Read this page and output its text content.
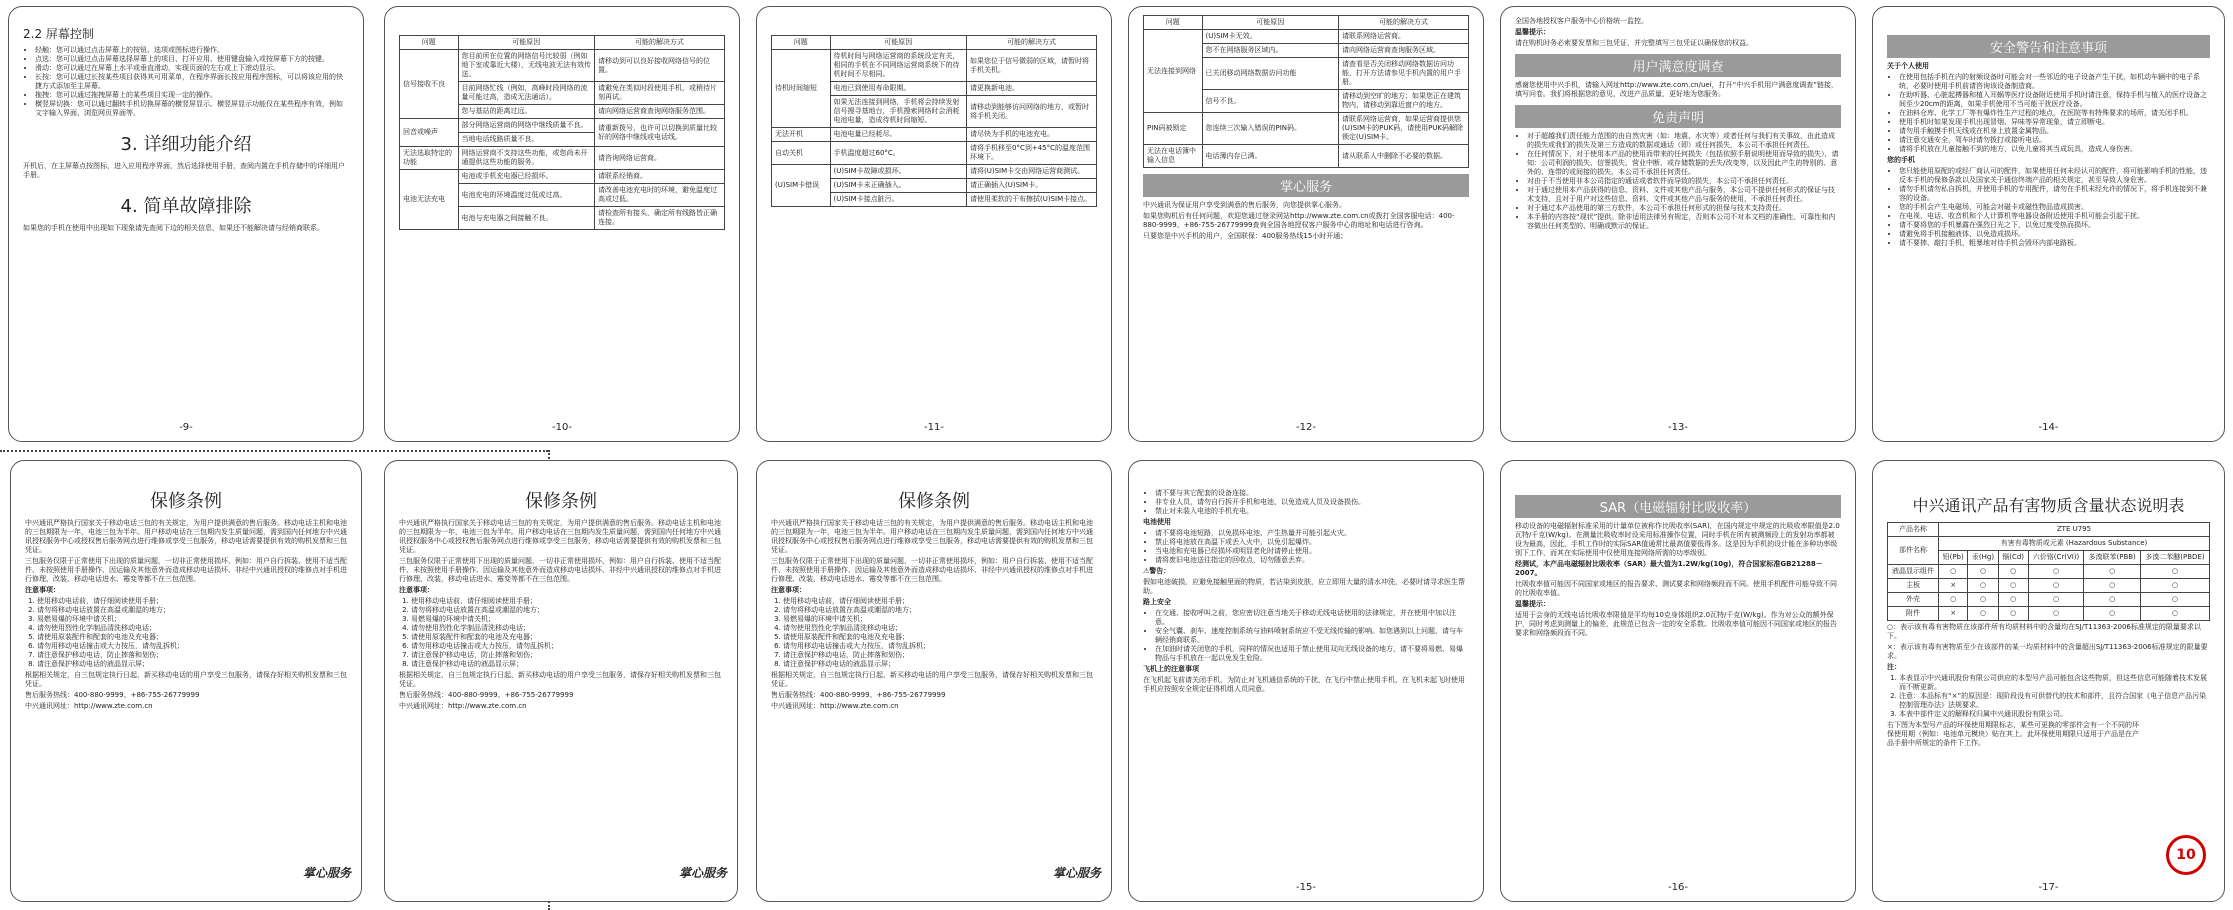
2.2 屏幕控制
• 轻触：您可以通过点击屏幕上的按钮、选项或图标进行操作。
• 点选：您可以通过点击屏幕选择屏幕上的项目、打开应用、使用键盘输入或按屏幕下方的按键。
• 滑动：您可以通过在屏幕上水平或垂直滑动，实现页面的左右或上下滚动显示。
• 长按：您可以通过长按某些项目获得其可用菜单，在程序界面长按应用程序图标，可以将该应用的快捷方式添加至主屏幕。
• 拖拽：您可以通过拖拽屏幕上的某些项目实现一定的操作。
• 横竖屏切换：您可以通过翻转手机切换屏幕的横竖屏显示。横竖屏显示功能仅在某些程序有效，例如文字输入界面、浏览网页界面等。
3. 详细功能介绍

开机后，在主屏幕点按图标，进入应用程序界面，然后选择使用手册，查阅内置在手机存储中的详细用户手册。

4. 简单故障排除

如果您的手机在使用中出现如下现象请先查阅下边的相关信息，如果还不能解决请与经销商联系。

-9-
问题	可能原因	可能的解决方式
信号接收不良	您目前所在位置的网络信号比较弱（例如地下室或靠近大楼），无线电波无法有效传送。	请移动到可以良好接收网络信号的位置。
	目前网络忙线（例如，高峰时段网络的流量可能过高，造成无法通话）。	请避免在类似时段使用手机，或稍待片刻再试。
	您与基站的距离过远。	请向网络运营商查询网络服务范围。
回音或噪声	部分网络运营商的网络中继线质量不良。	请重新拨号，也许可以切换到质量比较好的网络中继线或电话线。
	当地电话线路质量不良。	
无法选取特定的功能	网络运营商不支持这些功能，或您尚未开通提供这些功能的服务。	请咨询网络运营商。
电池无法充电	电池或手机充电器已经损坏。	请联系经销商。
	电池充电的环境温度过低或过高。	请改善电池充电时的环境，避免温度过高或过低。
	电池与充电器之间接触不良。	请检查所有接头，确定所有线路皆正确连接。
-10-
问题	可能原因	可能的解决方式
待机时间缩短	待机时间与网络运营商的系统设定有关，相同的手机在不同网络运营商系统下的待机时间不尽相同。	如果您位于信号微弱的区域，请暂时将手机关机。
	电池已到使用寿命限期。	请更换新电池。
	如果无法连接到网络，手机将会持续发射信号搜寻基地台，手机搜索网络时会消耗电池电量，造成待机时间缩短。	请移动到能够访问网络的地方，或暂时将手机关闭。
无法开机	电池电量已经耗尽。	请尽快为手机的电池充电。
自动关机	手机温度超过60°C。	请将手机移至0°C到+45°C的温度范围环境下。
(U)SIM卡错误	(U)SIM卡故障或损坏。	请将(U)SIM卡交由网络运营商测试。
	(U)SIM卡未正确插入。	请正确插入(U)SIM卡。
	(U)SIM卡接点脏污。	请使用柔软的干布擦拭(U)SIM卡接点。
-11-
问题	可能原因	可能的解决方式
无法连接到网络	(U)SIM卡无效。	请联系网络运营商。
	您不在网络服务区域内。	请向网络运营商查询服务区域。
	已关闭移动网络数据访问功能	请查看是否关闭移动网络数据访问功能，打开方法请参见手机内置的用户手册。
	信号不良。	请移动到空旷的地方；如果您正在建筑物内，请移动到靠近窗户的地方。
PIN码被锁定	您连续三次输入错误的PIN码。	请联系网络运营商，如果运营商提供您(U)SIM卡的PUK码，请使用PUK码解除锁定(U)SIM卡。
无法在电话簿中输入信息	电话簿内存已满。	请从联系人中删除不必要的数据。
掌心服务

中兴通讯为保证用户享受到满意的售后服务，向您提供掌心服务。

如果您购机后有任何问题，欢迎您通过登录网站http://www.zte.com.cn或拨打全国客服电话：400-880-9999、+86-755-26779999查询全国各地授权客户服务中心的地址和电话进行咨询。

只要您是中兴手机的用户，全国联保：400服务热线15小时开通；

-12-

全国各地授权客户服务中心价格统一监控。

温馨提示：

请在购机时务必索要发票和三包凭证，并完整填写三包凭证以确保您的权益。

用户满意度调查

感谢您使用中兴手机，请输入网址http://www.zte.com.cn/uei，打开“中兴手机用户满意度调查”链接，填写问卷。我们将根据您的意见，改进产品质量，更好地为您服务。

免责声明
• 对于超越我们责任能力范围的由自然灾害（如：地震、水灾等）或者任何与我们有关事故，由此造成的损失或我们的损失及第三方造成的数据或通话（即）或任何损失，本公司不承担任何责任。
• 在任何情况下，对于使用本产品的使用而带来的任何损失（包括依照手册说明使用而导致的损失），请知：公司利润的损失、信誉损失、营业中断、或存储数据的丢失/改变等，以及因此产生的特别的、意外的、连带的或间接的损失，本公司不承担任何责任。
• 对由于不当使用非本公司指定的通话或者软件而导致的损失，本公司不承担任何责任。
• 对于通过使用本产品获得的信息、资料、文件或其他产品与服务，本公司不提供任何形式的保证与技术支持，且对于用户对这些信息、资料、文件或其他产品与服务的使用，不承担任何责任。
• 对于通过本产品使用的第三方软件，本公司不承担任何形式的担保与技术支持责任。
• 本手册的内容按“现状”提供。除非适用法律另有规定，否则本公司不对本文档的准确性、可靠性和内容做出任何类型的、明确或默示的保证。
-13-
安全警告和注意事项

关于个人使用

• 在使用包括手机在内的射频设备时可能会对一些邻近的电子设备产生干扰，如机动车辆中的电子系统，必要时使用手机前请咨询该设备制造商。
• 在助听器、心脏起搏器和植入耳蜗等医疗设备附近使用手机时请注意，保持手机与植入的医疗设备之间至少20cm的距离，如果手机使用不当可能干扰医疗设备。
• 在油料仓库、化学工厂等有爆炸性生产过程的地点，在医院等有特殊要求的场所，请关闭手机。
• 使用手机时如果发现手机出现冒烟、异味等异常现象，请立即断电。
• 请勿用手触摸手机天线或在机身上放置金属物品。
• 请注意交通安全，驾车时请勿拨打或接听电话。
• 请将手机放在儿童接触不到的地方，以免儿童将其当成玩具，造成人身伤害。

您的手机

• 您只能使用原配的或经厂商认可的配件，如果使用任何未经认可的配件，将可能影响手机的性能，违反本手机的保修条款以及国家关于通信终端产品的相关规定，甚至导致人身危害。
• 请勿手机请勿私自拆机，并使用手机的专用配件，请勿在手机未经允许的情况下，将手机连接到不兼容的设备。
• 您的手机会产生电磁场，可能会对磁卡或磁性物品造成损害。
• 在电视、电话、收音机和个人计算机等电器设备附近使用手机可能会引起干扰。
• 请不要将您的手机暴露在强烈日光之下，以免过度受热而损坏。
• 请避免将手机接触液体，以免造成损坏。
• 请不要摔、敲打手机，粗暴地对待手机会毁坏内部电路板。
-14-
保修条例

中兴通讯严格执行国家关于移动电话三包的有关规定，为用户提供满意的售后服务。移动电话主机和电池的三包期限为一年，电池三包为半年。用户移动电话在三包期内发生质量问题，需到国内任何地方中兴通讯授权服务中心或授权售后服务网点进行维修或享受三包服务，移动电话需要提供有效的购机发票和三包凭证。

三包服务仅限于正常使用下出现的质量问题，一切非正常使用损坏，例如：用户自行拆装、使用不适当配件、未按照使用手册操作、因运输及其他意外而造成移动电话损坏、非经中兴通讯授权的维修点对手机进行修理、改装，移动电话进水、霉变等都不在三包范围。

注意事项：

1. 使用移动电话前，请仔细阅读使用手册；
2. 请勿将移动电话放置在高温或潮湿的地方；
3. 易燃易爆的环境中请关机；
4. 请勿使用烈性化学制品清洗移动电话；
5. 请使用原装配件和配套的电池及充电器；
6. 请勿用移动电话撞击或大力按压，请勿乱拆机；
7. 请注意保护移动电话，防止摔落和划伤；
8. 请注意保护移动电话的液晶显示屏；

根据相关规定，自三包规定执行日起，新买移动电话的用户享受三包服务，请保存好相关购机发票和三包凭证。

售后服务热线：400-880-9999、+86-755-26779999

中兴通讯网址：http://www.zte.com.cn

掌心服务
保修条例

中兴通讯严格执行国家关于移动电话三包的有关规定，为用户提供满意的售后服务。移动电话主机和电池的三包期限为一年，电池三包为半年。用户移动电话在三包期内发生质量问题，需到国内任何地方中兴通讯授权服务中心或授权售后服务网点进行维修或享受三包服务，移动电话需要提供有效的购机发票和三包凭证。

三包服务仅限于正常使用下出现的质量问题，一切非正常使用损坏，例如：用户自行拆装、使用不适当配件、未按照使用手册操作、因运输及其他意外而造成移动电话损坏、非经中兴通讯授权的维修点对手机进行修理、改装，移动电话进水、霉变等都不在三包范围。

注意事项：

1. 使用移动电话前，请仔细阅读使用手册；
2. 请勿将移动电话放置在高温或潮湿的地方；
3. 易燃易爆的环境中请关机；
4. 请勿使用烈性化学制品清洗移动电话；
5. 请使用原装配件和配套的电池及充电器；
6. 请勿用移动电话撞击或大力按压，请勿乱拆机；
7. 请注意保护移动电话，防止摔落和划伤；
8. 请注意保护移动电话的液晶显示屏；

根据相关规定，自三包规定执行日起，新买移动电话的用户享受三包服务，请保存好相关购机发票和三包凭证。

售后服务热线：400-880-9999、+86-755-26779999

中兴通讯网址：http://www.zte.com.cn

掌心服务
保修条例

中兴通讯严格执行国家关于移动电话三包的有关规定，为用户提供满意的售后服务。移动电话主机和电池的三包期限为一年，电池三包为半年。用户移动电话在三包期内发生质量问题，需到国内任何地方中兴通讯授权服务中心或授权售后服务网点进行维修或享受三包服务，移动电话需要提供有效的购机发票和三包凭证。

三包服务仅限于正常使用下出现的质量问题，一切非正常使用损坏，例如：用户自行拆装、使用不适当配件、未按照使用手册操作、因运输及其他意外而造成移动电话损坏、非经中兴通讯授权的维修点对手机进行修理、改装，移动电话进水、霉变等都不在三包范围。

注意事项：

1. 使用移动电话前，请仔细阅读使用手册；
2. 请勿将移动电话放置在高温或潮湿的地方；
3. 易燃易爆的环境中请关机；
4. 请勿使用烈性化学制品清洗移动电话；
5. 请使用原装配件和配套的电池及充电器；
6. 请勿用移动电话撞击或大力按压，请勿乱拆机；
7. 请注意保护移动电话，防止摔落和划伤；
8. 请注意保护移动电话的液晶显示屏；

根据相关规定，自三包规定执行日起，新买移动电话的用户享受三包服务，请保存好相关购机发票和三包凭证。

售后服务热线：400-880-9999、+86-755-26779999

中兴通讯网址：http://www.zte.com.cn

掌心服务
• 请不要与其它配套的设备连接。
• 非专业人员，请勿自行拆开手机和电池，以免造成人员及设备损伤。
• 禁止对未装入电池的手机充电。

电池使用

• 请不要将电池短路，以免损坏电池、产生热量并可能引起火灾。
• 禁止将电池放在高温下或丢入火中，以免引起爆炸。
• 当电池和充电器已经损坏或明显老化时请停止使用。
• 请将废旧电池送往指定的回收点，切勿随意丢弃。

⚠警告：

假如电池破损，应避免接触里面的物质，若沾染到皮肤，应立即用大量的清水冲洗，必要时请寻求医生帮助。

路上安全

• 在交通、接收呼叫之前，您应密切注意当地关于移动无线电话使用的法律规定，并在使用中加以注意。
• 安全气囊、刹车、速度控制系统与油料喷射系统应不受无线传输的影响。如您遇到以上问题，请与车辆经销商联系。
• 在加油时请关闭您的手机，同样的情况也适用于禁止使用双向无线设备的地方，请不要将易燃、易爆物品与手机放在一起以免发生危险。

飞机上的注意事项

在飞机起飞前请关闭手机，为防止对飞机通信系统的干扰，在飞行中禁止使用手机，在飞机未起飞时使用手机应按照安全规定征得机组人员同意。

-15-
SAR（电磁辐射比吸收率）

移动设备的电磁辐射标准采用的计量单位被称作比吸收率(SAR)，在国内规定中规定的比吸收率限值是2.0瓦特/千克(W/kg)。在测量比吸收率时设采用标准操作位置，同时手机在所有被测频段上的发射功率都被设为最高，因此，手机工作时的实际SAR值通常比最高值要低得多。这是因为手机的设计能在多种功率级别下工作，而其在实际使用中仅使用连接网络所需的功率级别。

经测试，本产品电磁辐射比吸收率（SAR）最大值为1.2W/kg(10g)，符合国家标准GB21288－2007。

比吸收率值可能因不同国家或地区的报告要求、测试要求和网络频段而不同。使用手机配件可能导致不同的比吸收率值。

温馨提示：

适用于会身的无线电话比吸收率限值是平均每10克身体组织2.0瓦特/千克(W/kg)。作为对公众的额外保护，同时考虑到测量上的偏差，此规范已包含一定的安全系数。比吸收率值可能因不同国家或地区的报告要求和网络频段而不同。

-16-
中兴通讯产品有害物质含量状态说明表
产品名称	ZTE U795					
部件名称	有害有毒物质或元素 (Hazardous Substance)					
	铅(Pb)	汞(Hg)	镉(Cd)	六价铬(Cr(VI))	多溴联苯(PBB)	多溴二苯醚(PBDE)
液晶显示组件	○	○	○	○	○	○
主板	×	○	○	○	○	○
外壳	○	○	○	○	○	○
附件	×	○	○	○	○	○

○：表示该有毒有害物质在该部件所有均质材料中的含量均在SJ/T11363-2006标准规定的限量要求以下。

×：表示该有毒有害物质至少在该部件的某一均质材料中的含量超出SJ/T11363-2006标准规定的限量要求。

注：

1. 本表显示中兴通讯股份有限公司供应的本型号产品可能包含这些物质，但这些信息可能随着技术发展而不断更新。
2. 注意：本品标有“×”的原因是：现阶段没有可供替代的技术和部件，且符合国家《电子信息产品污染控制管理办法》法规要求。
3. 本表中部件定义的解释权归属中兴通讯股份有限公司。

右下图为本型号产品的环保使用期限标志，某些可更换的零部件会有一个不同的环保使用期（例如：电池单元模块）贴在其上。此环保使用期限只适用于产品是在产品手册中所规定的条件下工作。

10
-17-
